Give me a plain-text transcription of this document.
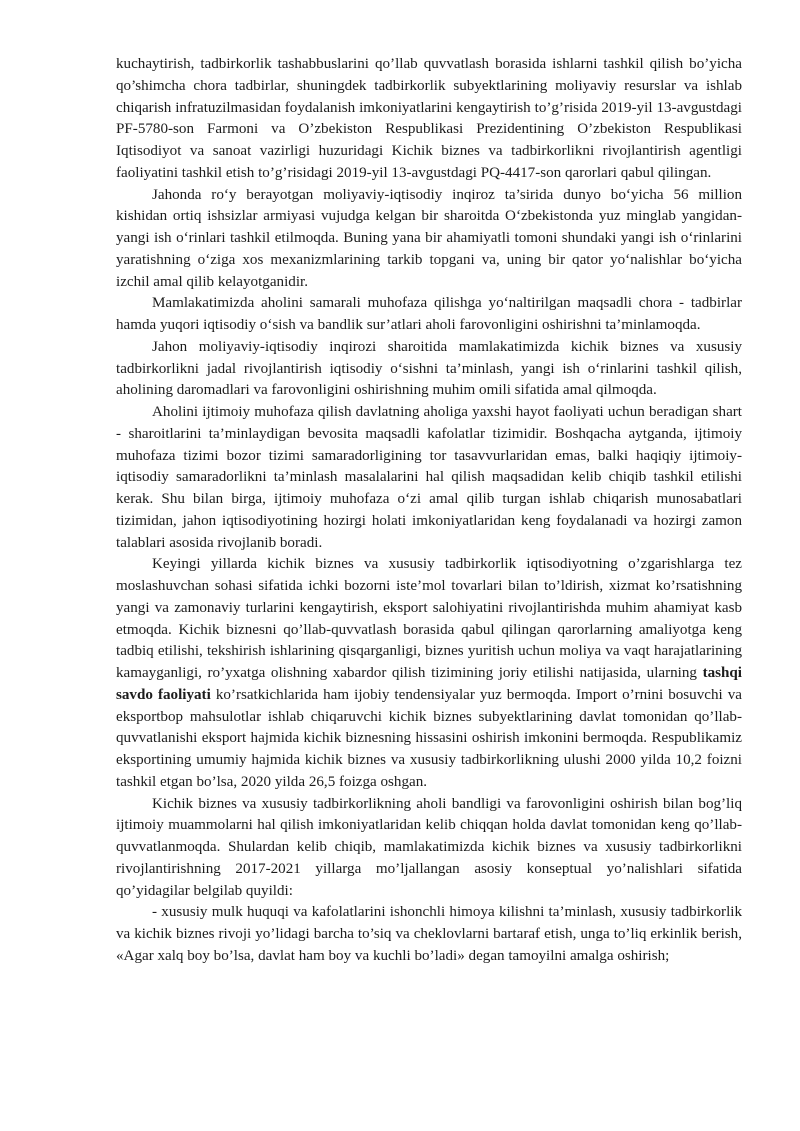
kuchaytirish, tadbirkorlik tashabbuslarini qo’llab quvvatlash borasida ishlarni tashkil qilish bo’yicha qo’shimcha chora tadbirlar, shuningdek tadbirkorlik subyektlarining moliyaviy resurslar va ishlab chiqarish infratuzilmasidan foydalanish imkoniyatlarini kengaytirish to’g’risida 2019-yil 13-avgustdagi PF-5780-son Farmoni va O’zbekiston Respublikasi Prezidentining O’zbekiston Respublikasi Iqtisodiyot va sanoat vazirligi huzuridagi Kichik biznes va tadbirkorlikni rivojlantirish agentligi faoliyatini tashkil etish to’g’risidagi 2019-yil 13-avgustdagi PQ-4417-son qarorlari qabul qilingan.

Jahonda ro‘y berayotgan moliyaviy-iqtisodiy inqiroz ta’sirida dunyo bo‘yicha 56 million kishidan ortiq ishsizlar armiyasi vujudga kelgan bir sharoitda O‘zbekistonda yuz minglab yangidan-yangi ish o‘rinlari tashkil etilmoqda. Buning yana bir ahamiyatli tomoni shundaki yangi ish o‘rinlarini yaratishning o‘ziga xos mexanizmlarining tarkib topgani va, uning bir qator yo‘nalishlar bo‘yicha izchil amal qilib kelayotganidir.

Mamlakatimizda aholini samarali muhofaza qilishga yo‘naltirilgan maqsadli chora - tadbirlar hamda yuqori iqtisodiy o‘sish va bandlik sur’atlari aholi farovonligini oshirishni ta’minlamoqda.

Jahon moliyaviy-iqtisodiy inqirozi sharoitida mamlakatimizda kichik biznes va xususiy tadbirkorlikni jadal rivojlantirish iqtisodiy o‘sishni ta’minlash, yangi ish o‘rinlarini tashkil qilish, aholining daromadlari va farovonligini oshirishning muhim omili sifatida amal qilmoqda.

Aholini ijtimoiy muhofaza qilish davlatning aholiga yaxshi hayot faoliyati uchun beradigan shart - sharoitlarini ta’minlaydigan bevosita maqsadli kafolatlar tizimidir. Boshqacha aytganda, ijtimoiy muhofaza tizimi bozor tizimi samaradorligining tor tasavvurlaridan emas, balki haqiqiy ijtimoiy-iqtisodiy samaradorlikni ta’minlash masalalarini hal qilish maqsadidan kelib chiqib tashkil etilishi kerak. Shu bilan birga, ijtimoiy muhofaza o‘zi amal qilib turgan ishlab chiqarish munosabatlari tizimidan, jahon iqtisodiyotining hozirgi holati imkoniyatlaridan keng foydalanadi va hozirgi zamon talablari asosida rivojlanib boradi.

Keyingi yillarda kichik biznes va xususiy tadbirkorlik iqtisodiyotning o’zgarishlarga tez moslashuvchan sohasi sifatida ichki bozorni iste’mol tovarlari bilan to’ldirish, xizmat ko’rsatishning yangi va zamonaviy turlarini kengaytirish, eksport salohiyatini rivojlantirishda muhim ahamiyat kasb etmoqda. Kichik biznesni qo’llab-quvvatlash borasida qabul qilingan qarorlarning amaliyotga keng tadbiq etilishi, tekshirish ishlarining qisqarganligi, biznes yuritish uchun moliya va vaqt harajatlarining kamayganligi, ro’yxatga olishning xabardor qilish tizimining joriy etilishi natijasida, ularning tashqi savdo faoliyati ko’rsatkichlarida ham ijobiy tendensiyalar yuz bermoqda. Import o’rnini bosuvchi va eksportbop mahsulotlar ishlab chiqaruvchi kichik biznes subyektlarining davlat tomonidan qo’llab-quvvatlanishi eksport hajmida kichik biznesning hissasini oshirish imkonini bermoqda. Respublikamiz eksportining umumiy hajmida kichik biznes va xususiy tadbirkorlikning ulushi 2000 yilda 10,2 foizni tashkil etgan bo’lsa, 2020 yilda 26,5 foizga oshgan.

Kichik biznes va xususiy tadbirkorlikning aholi bandligi va farovonligini oshirish bilan bog’liq ijtimoiy muammolarni hal qilish imkoniyatlaridan kelib chiqqan holda davlat tomonidan keng qo’llab-quvvatlanmoqda. Shulardan kelib chiqib, mamlakatimizda kichik biznes va xususiy tadbirkorlikni rivojlantirishning 2017-2021 yillarga mo’ljallangan asosiy konseptual yo’nalishlari sifatida qo’yidagilar belgilab quyildi:

- xususiy mulk huquqi va kafolatlarini ishonchli himoya kilishni ta’minlash, xususiy tadbirkorlik va kichik biznes rivoji yo’lidagi barcha to’siq va cheklovlarni bartaraf etish, unga to’liq erkinlik berish, «Agar xalq boy bo’lsa, davlat ham boy va kuchli bo’ladi» degan tamoyilni amalga oshirish;
